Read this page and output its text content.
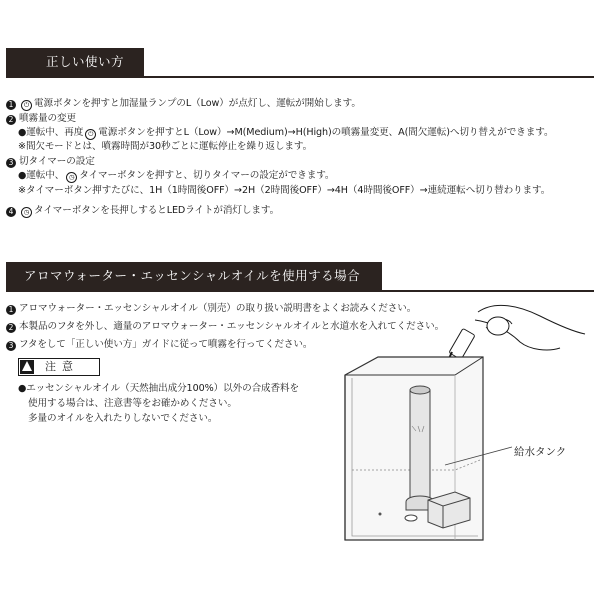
正しい使い方
1 ⏻ 電源ボタンを押すと加湿量ランプのL（Low）が点灯し、運転が開始します。
2 噴霧量の変更
●運転中、再度 ⏻ 電源ボタンを押すとL（Low）→M(Medium)→H(High)の噴霧量変更、A(間欠運転)へ切り替えができます。
※間欠モードとは、噴霧時間が30秒ごとに運転停止を繰り返します。
3 切タイマーの設定
●運転中、 ◷ タイマーボタンを押すと、切りタイマーの設定ができます。
※タイマーボタン押すたびに、1H（1時間後OFF）→2H（2時間後OFF）→4H（4時間後OFF）→連続運転へ切り替わります。
4 ◷ タイマーボタンを長押しするとLEDライトが消灯します。
アロマウォーター・エッセンシャルオイルを使用する場合
1 アロマウォーター・エッセンシャルオイル（別売）の取り扱い説明書をよくお読みください。
2 本製品のフタを外し、適量のアロマウォーター・エッセンシャルオイルと水道水を入れてください。
3 フタをして「正しい使い方」ガイドに従って噴霧を行ってください。
注意
●エッセンシャルオイル（天然抽出成分100%）以外の合成香料を
使用する場合は、注意書等をお確かめください。
多量のオイルを入れたりしないでください。
給水タンク
